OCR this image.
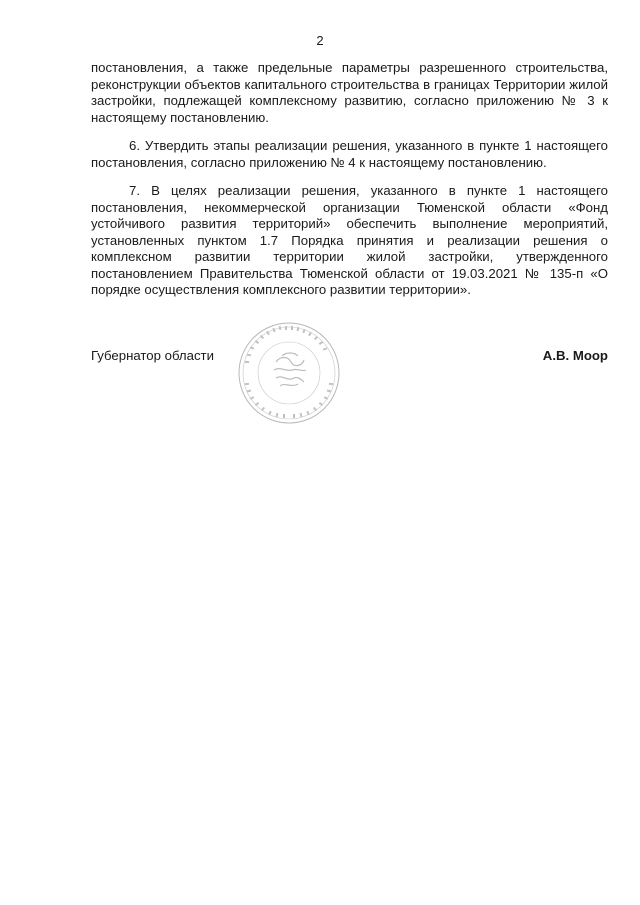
2

постановления, а также предельные параметры разрешенного строительства, реконструкции объектов капитального строительства в границах Территории жилой застройки, подлежащей комплексному развитию, согласно приложению № 3 к настоящему постановлению.

6. Утвердить этапы реализации решения, указанного в пункте 1 настоящего постановления, согласно приложению № 4 к настоящему постановлению.

7. В целях реализации решения, указанного в пункте 1 настоящего постановления, некоммерческой организации Тюменской области «Фонд устойчивого развития территорий» обеспечить выполнение мероприятий, установленных пунктом 1.7 Порядка принятия и реализации решения о комплексном развитии территории жилой застройки, утвержденного постановлением Правительства Тюменской области от 19.03.2021 № 135-п «О порядке осуществления комплексного развитии территории».

Губернатор области	А.В. Моор
